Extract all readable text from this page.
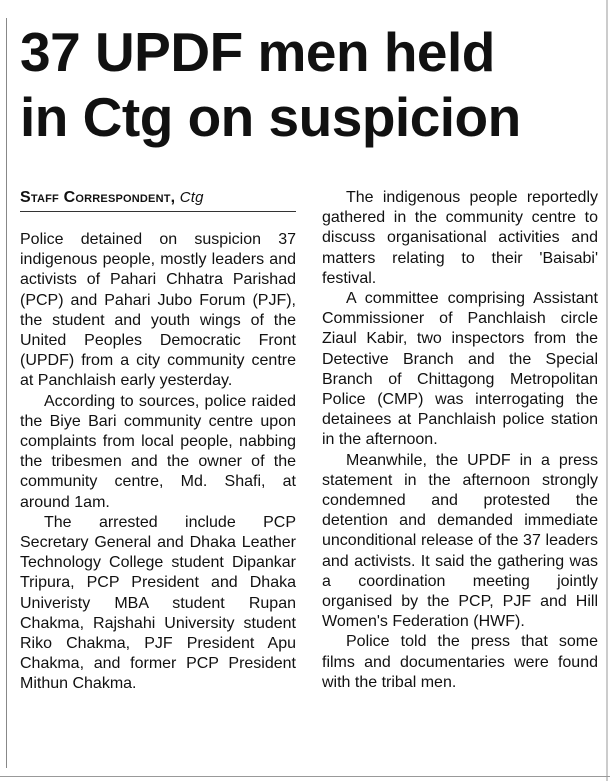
37 UPDF men held
in Ctg on suspicion
Staff Correspondent, Ctg

Police detained on suspicion 37 indigenous people, mostly leaders and activists of Pahari Chhatra Parishad (PCP) and Pahari Jubo Forum (PJF), the student and youth wings of the United Peoples Democratic Front (UPDF) from a city community centre at Panchlaish early yesterday.

According to sources, police raided the Biye Bari community centre upon complaints from local people, nabbing the tribesmen and the owner of the community centre, Md. Shafi, at around 1am.

The arrested include PCP Secretary General and Dhaka Leather Technology College student Dipankar Tripura, PCP President and Dhaka Univeristy MBA student Rupan Chakma, Rajshahi University student Riko Chakma, PJF President Apu Chakma, and former PCP President Mithun Chakma.

The indigenous people reportedly gathered in the community centre to discuss organisational activities and matters relating to their 'Baisabi' festival.

A committee comprising Assistant Commissioner of Panchlaish circle Ziaul Kabir, two inspectors from the Detective Branch and the Special Branch of Chittagong Metropolitan Police (CMP) was interrogating the detainees at Panchlaish police station in the afternoon.

Meanwhile, the UPDF in a press statement in the afternoon strongly condemned and protested the detention and demanded immediate unconditional release of the 37 leaders and activists. It said the gathering was a coordination meeting jointly organised by the PCP, PJF and Hill Women's Federation (HWF).

Police told the press that some films and documentaries were found with the tribal men.
